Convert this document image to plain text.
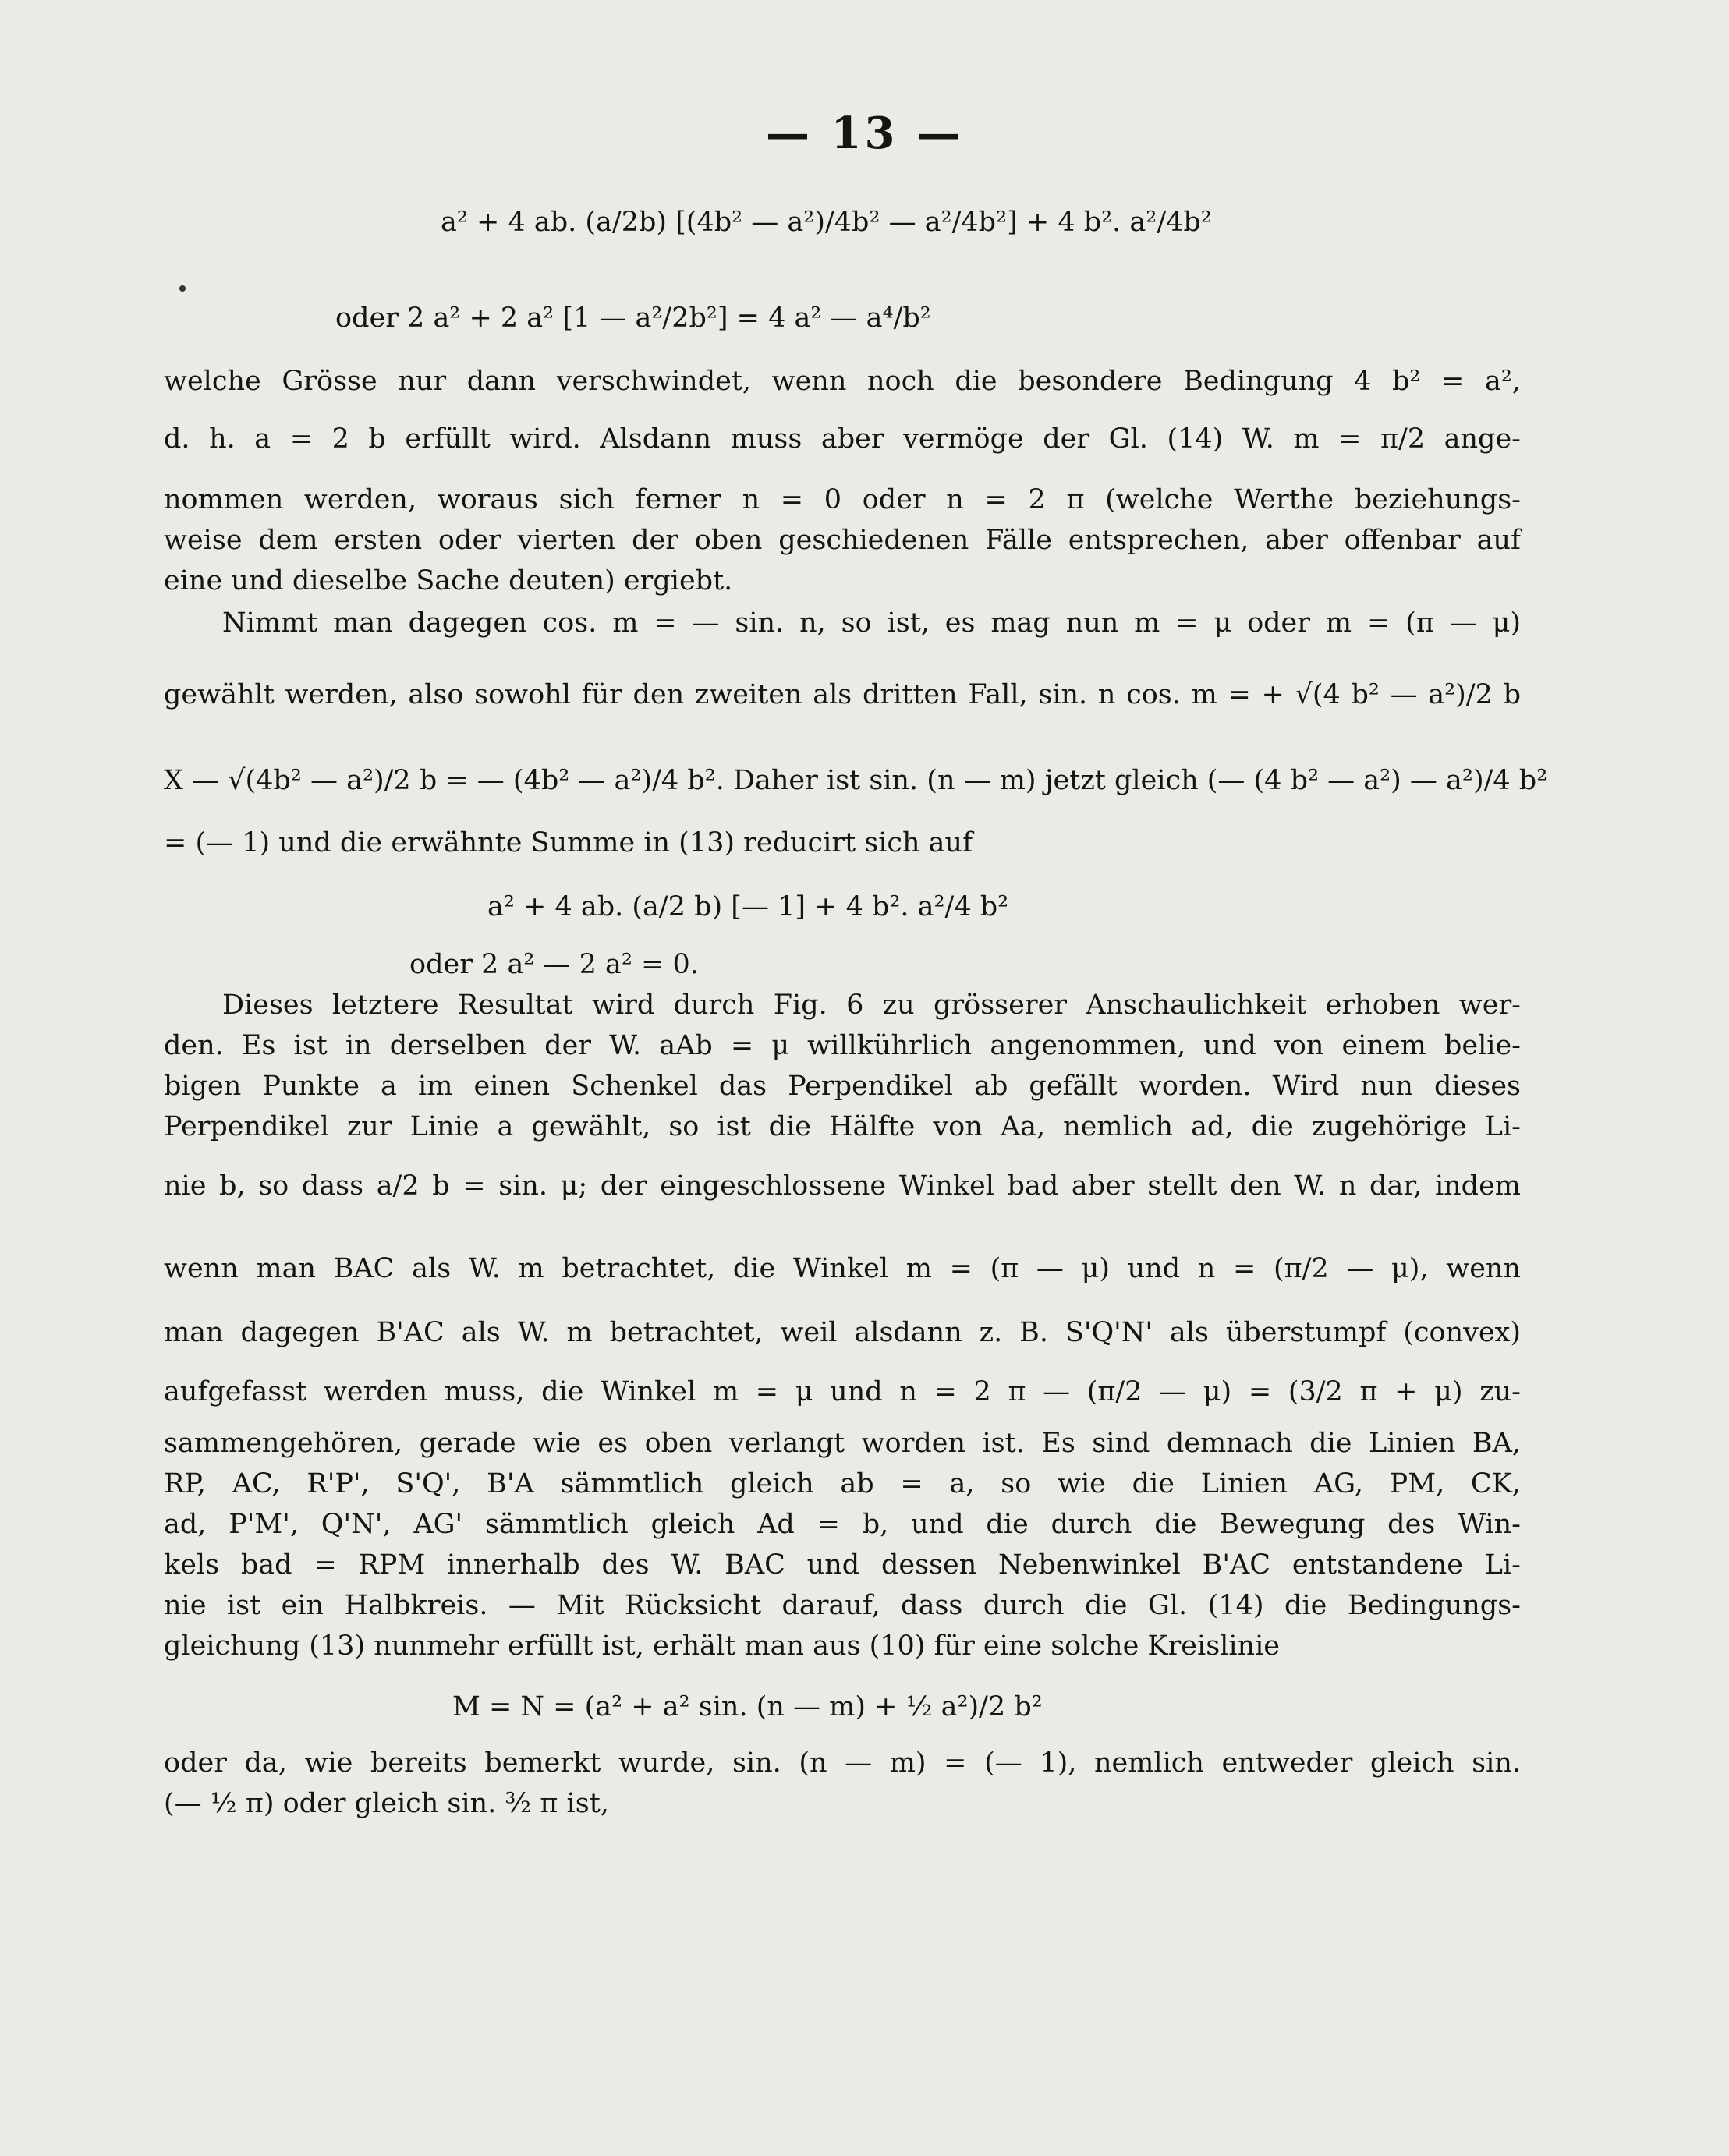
— 13 —
a² + 4 ab. (a/2b) [(4b² — a²)/4b² — a²/4b²] + 4 b². a²/4b²
oder 2 a² + 2 a² [1 — a²/2b²] = 4 a² — a⁴/b²
welche Grösse nur dann verschwindet, wenn noch die besondere Bedingung 4 b² = a²,
d. h. a = 2 b erfüllt wird. Alsdann muss aber vermöge der Gl. (14) W. m = π/2 ange-
nommen werden, woraus sich ferner n = 0 oder n = 2 π (welche Werthe beziehungs-
weise dem ersten oder vierten der oben geschiedenen Fälle entsprechen, aber offenbar auf
eine und dieselbe Sache deuten) ergiebt.
Nimmt man dagegen cos. m = — sin. n, so ist, es mag nun m = μ oder m = (π — μ)
gewählt werden, also sowohl für den zweiten als dritten Fall, sin. n cos. m = + √(4 b² — a²)/2 b
X — √(4b² — a²)/2 b = — (4b² — a²)/4 b². Daher ist sin. (n — m) jetzt gleich (— (4 b² — a²) — a²)/4 b²
= (— 1) und die erwähnte Summe in (13) reducirt sich auf
a² + 4 ab. (a/2 b) [— 1] + 4 b². a²/4 b²
oder 2 a² — 2 a² = 0.
Dieses letztere Resultat wird durch Fig. 6 zu grösserer Anschaulichkeit erhoben wer-
den. Es ist in derselben der W. aAb = μ willkührlich angenommen, und von einem belie-
bigen Punkte a im einen Schenkel das Perpendikel ab gefällt worden. Wird nun dieses
Perpendikel zur Linie a gewählt, so ist die Hälfte von Aa, nemlich ad, die zugehörige Li-
nie b, so dass a/2 b = sin. μ; der eingeschlossene Winkel bad aber stellt den W. n dar, indem
wenn man BAC als W. m betrachtet, die Winkel m = (π — μ) und n = (π/2 — μ), wenn
man dagegen B'AC als W. m betrachtet, weil alsdann z. B. S'Q'N' als überstumpf (convex)
aufgefasst werden muss, die Winkel m = μ und n = 2 π — (π/2 — μ) = (3/2 π + μ) zu-
sammengehören, gerade wie es oben verlangt worden ist. Es sind demnach die Linien BA,
RP, AC, R'P', S'Q', B'A sämmtlich gleich ab = a, so wie die Linien AG, PM, CK,
ad, P'M', Q'N', AG' sämmtlich gleich Ad = b, und die durch die Bewegung des Win-
kels bad = RPM innerhalb des W. BAC und dessen Nebenwinkel B'AC entstandene Li-
nie ist ein Halbkreis. — Mit Rücksicht darauf, dass durch die Gl. (14) die Bedingungs-
gleichung (13) nunmehr erfüllt ist, erhält man aus (10) für eine solche Kreislinie
M = N = (a² + a² sin. (n — m) + ½ a²)/2 b²
oder da, wie bereits bemerkt wurde, sin. (n — m) = (— 1), nemlich entweder gleich sin.
(— ½ π) oder gleich sin. ³⁄₂ π ist,
